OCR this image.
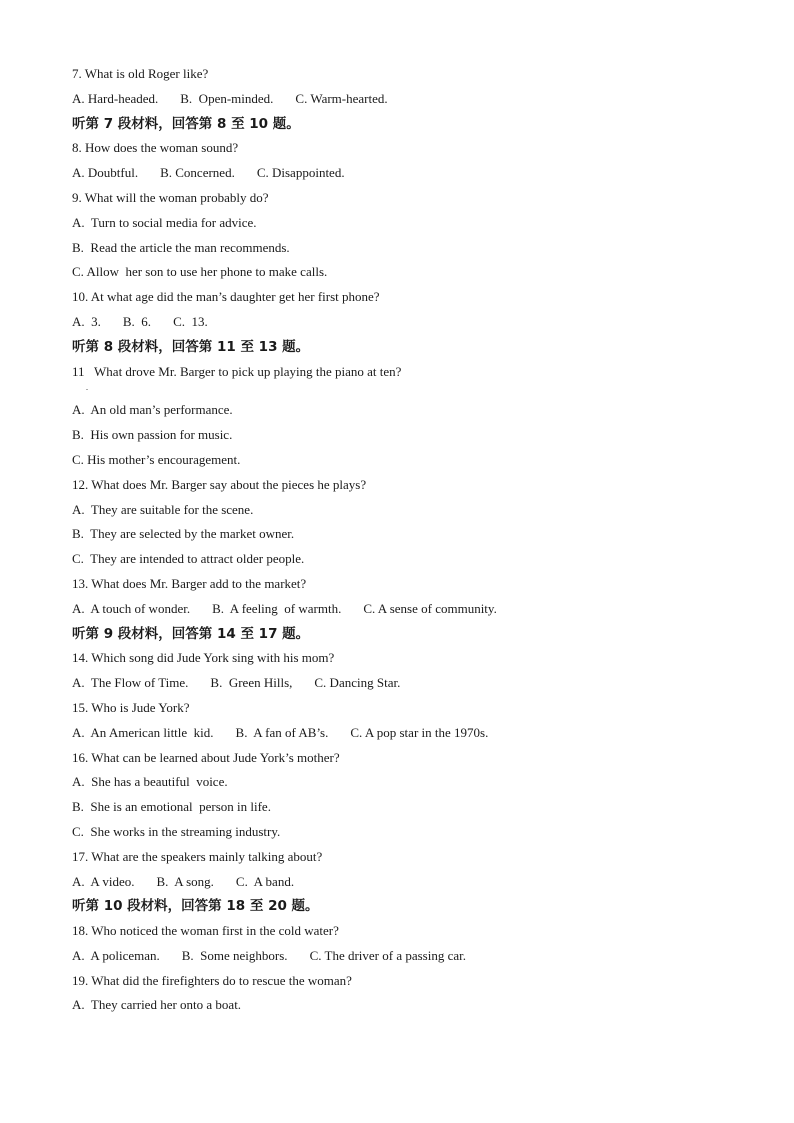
7. What is old Roger like?
A. Hard-headed. B.  Open-minded. C. Warm-hearted.
听第 7 段材料，回答第 8 至 10 题。
8. How does the woman sound?
A. Doubtful. B. Concerned. C. Disappointed.
9. What will the woman probably do?
A.  Turn to social media for advice.
B.  Read the article the man recommends.
C. Allow  her son to use her phone to make calls.
10. At what age did the man’s daughter get her first phone?
A.  3. B.  6. C.  13.
听第 8 段材料，回答第 11 至 13 题。
11   What drove Mr. Barger to pick up playing the piano at ten?
.
A.  An old man’s performance.
B.  His own passion for music.
C. His mother’s encouragement.
12. What does Mr. Barger say about the pieces he plays?
A.  They are suitable for the scene.
B.  They are selected by the market owner.
C.  They are intended to attract older people.
13. What does Mr. Barger add to the market?
A.  A touch of wonder. B.  A feeling  of warmth. C. A sense of community.
听第 9 段材料，回答第 14 至 17 题。
14. Which song did Jude York sing with his mom?
A.  The Flow of Time. B.  Green Hills, C. Dancing Star.
15. Who is Jude York?
A.  An American little  kid. B.  A fan of AB’s. C. A pop star in the 1970s.
16. What can be learned about Jude York’s mother?
A.  She has a beautiful  voice.
B.  She is an emotional  person in life.
C.  She works in the streaming industry.
17. What are the speakers mainly talking about?
A.  A video. B.  A song. C.  A band.
听第 10 段材料，回答第 18 至 20 题。
18. Who noticed the woman first in the cold water?
A.  A policeman. B.  Some neighbors. C. The driver of a passing car.
19. What did the firefighters do to rescue the woman?
A.  They carried her onto a boat.
